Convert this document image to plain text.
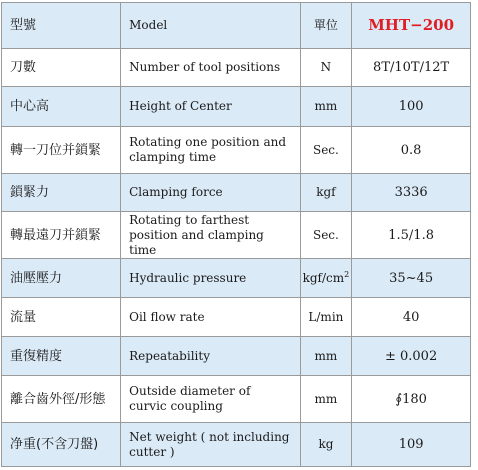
型號	Model	單位	MHT−200
刀數	Number of tool positions	N	8T/10T/12T
中心高	Height of Center	mm	100
轉一刀位并鎖緊	Rotating one position and clamping time	Sec.	0.8
鎖緊力	Clamping force	kgf	3336
轉最遠刀并鎖緊	Rotating to farthest position and clamping time	Sec.	1.5/1.8
油壓壓力	Hydraulic pressure	kgf/$cm^2$	35~45
流量	Oil flow rate	L/min	40
重復精度	Repeatability	mm	± 0.002
離合齒外徑/形態	Outside diameter of curvic coupling	mm	∮180
净重(不含刀盤)	Net weight ( not including cutter )	kg	109
